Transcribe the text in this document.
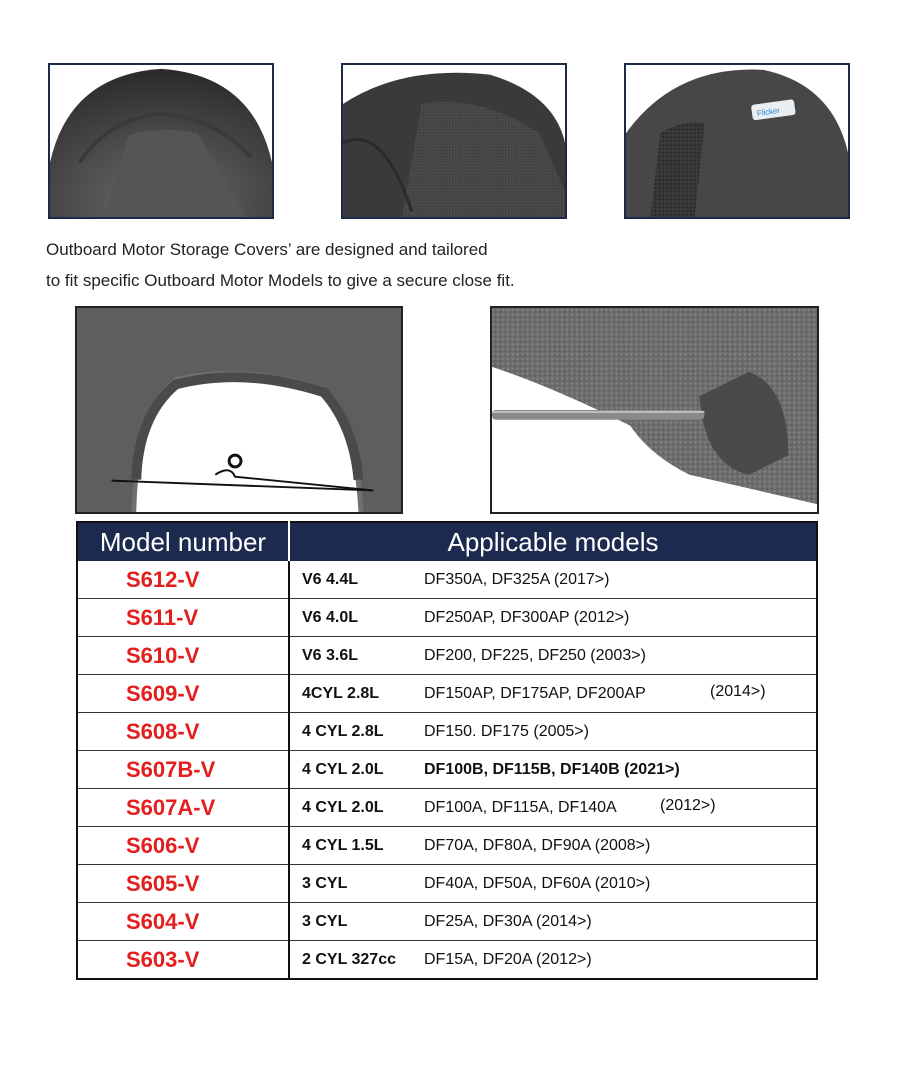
Flicker
Outboard Motor Storage Covers’ are designed and tailored
to fit specific Outboard Motor Models to give a secure close fit.
Model number	Applicable models
S612-V	V6 4.4L DF350A, DF325A (2017>)
S611-V	V6 4.0L DF250AP, DF300AP (2012>)
S610-V	V6 3.6L DF200, DF225, DF250 (2003>)
S609-V	4CYL 2.8L DF150AP, DF175AP, DF200AP (2014>)

S608-V	4 CYL 2.8L DF150. DF175 (2005>)
S607B-V	4 CYL 2.0L DF100B, DF115B, DF140B (2021>)
S607A-V	4 CYL 2.0L DF100A, DF115A, DF140A (2012>)

S606-V	4 CYL 1.5L DF70A, DF80A, DF90A (2008>)
S605-V	3 CYL DF40A, DF50A, DF60A (2010>)
S604-V	3 CYL DF25A, DF30A (2014>)
S603-V	2 CYL 327cc DF15A, DF20A (2012>)
